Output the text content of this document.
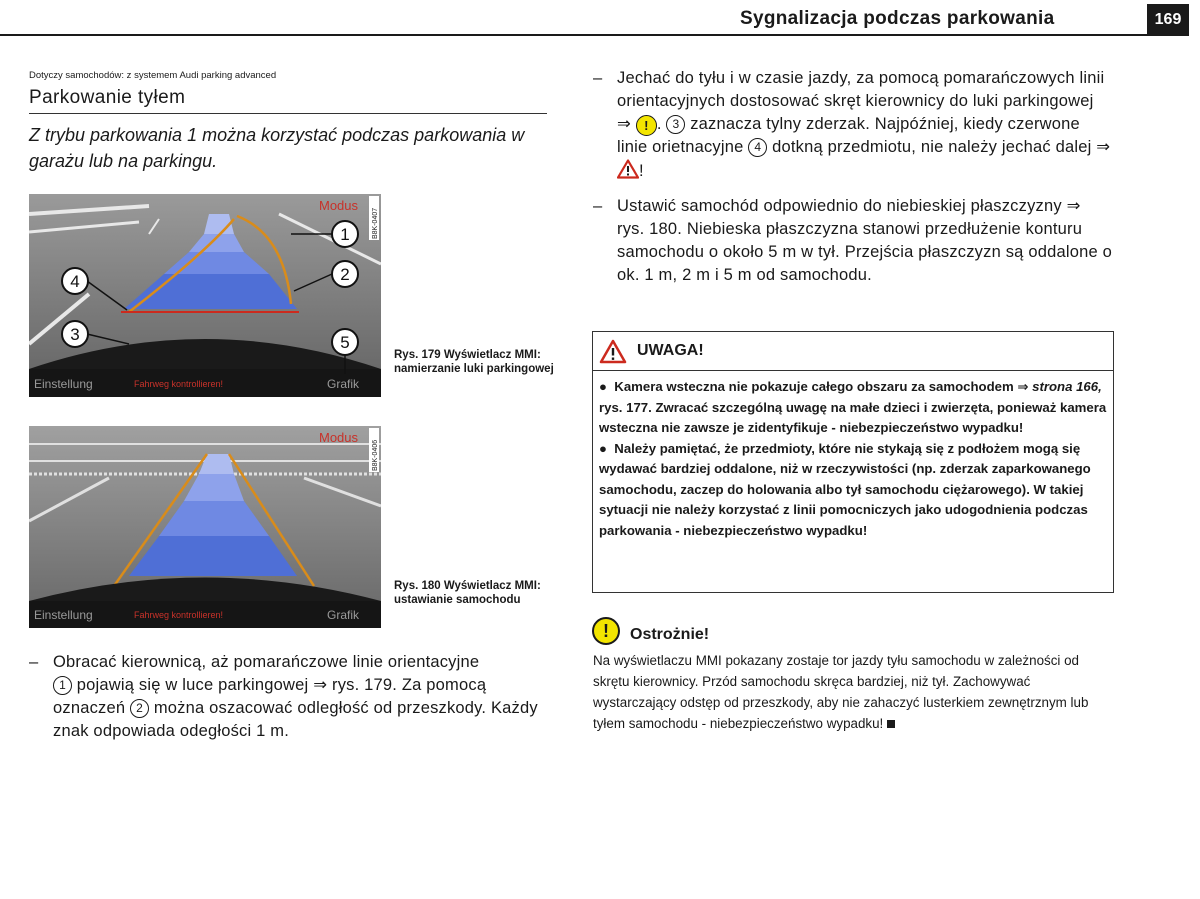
Sygnalizacja podczas parkowania	169
Dotyczy samochodów: z systemem Audi parking advanced
Parkowanie tyłem
Z trybu parkowania 1 można korzystać podczas parkowania w garażu lub na parkingu.
Einstellung	Fahrweg kontrollieren!	Grafik
Modus
B8K-0407
1
2
4
3	5
Rys. 179 Wyświetlacz MMI: namierzanie luki parkingowej
Einstellung	Fahrweg kontrollieren!	Grafik
Modus
B8K-0406
Rys. 180 Wyświetlacz MMI: ustawianie samochodu
– Obracać kierownicą, aż pomarańczowe linie orientacyjne
1 pojawią się w luce parkingowej ⇒ rys. 179. Za pomocą oznaczeń 2 można oszacować odległość od przeszkody. Każdy znak odpowiada odegłości 1 m.
– Jechać do tyłu i w czasie jazdy, za pomocą pomarańczowych linii orientacyjnych dostosować skręt kierownicy do luki parkingowej ⇒ ! . 3 zaznacza tylny zderzak. Najpóźniej, kiedy czerwone linie orietnacyjne 4 dotkną przedmiotu, nie należy jechać dalej ⇒ !
– Ustawić samochód odpowiednio do niebieskiej płaszczyzny ⇒ rys. 180. Niebieska płaszczyzna stanowi przedłużenie konturu samochodu o około 5 m w tył. Przejścia płaszczyzn są oddalone o ok. 1 m, 2 m i 5 m od samochodu.
UWAGA!

● Kamera wsteczna nie pokazuje całego obszaru za samochodem ⇒ strona 166, rys. 177. Zwracać szczególną uwagę na małe dzieci i zwierzęta, ponieważ kamera wsteczna nie zawsze je zidentyfikuje - niebezpieczeństwo wypadku!

● Należy pamiętać, że przedmioty, które nie stykają się z podłożem mogą się wydawać bardziej oddalone, niż w rzeczywistości (np. zderzak zaparkowanego samochodu, zaczep do holowania albo tył samochodu ciężarowego). W takiej sytuacji nie należy korzystać z linii pomocniczych jako udogodnienia podczas parkowania - niebezpieczeństwo wypadku!

!	Ostrożnie!
Na wyświetlaczu MMI pokazany zostaje tor jazdy tyłu samochodu w zależności od skrętu kierownicy. Przód samochodu skręca bardziej, niż tył. Zachowywać wystarczający odstęp od przeszkody, aby nie zahaczyć lusterkiem zewnętrznym lub tyłem samochodu - niebezpieczeństwo wypadku!
